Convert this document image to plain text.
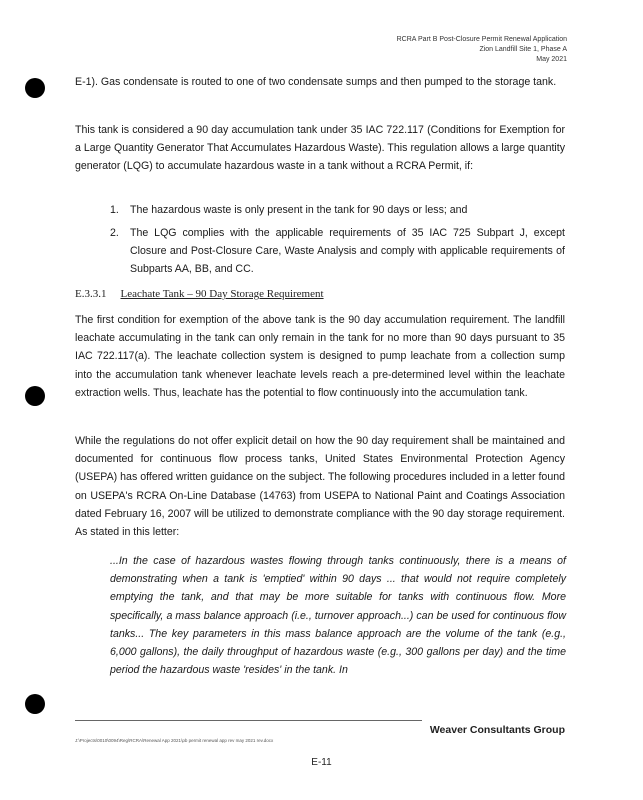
RCRA Part B Post-Closure Permit Renewal Application
Zion Landfill Site 1, Phase A
May 2021

E-1). Gas condensate is routed to one of two condensate sumps and then pumped to the storage tank.

This tank is considered a 90 day accumulation tank under 35 IAC 722.117 (Conditions for Exemption for a Large Quantity Generator That Accumulates Hazardous Waste). This regulation allows a large quantity generator (LQG) to accumulate hazardous waste in a tank without a RCRA Permit, if:

1. The hazardous waste is only present in the tank for 90 days or less; and
2. The LQG complies with the applicable requirements of 35 IAC 725 Subpart J, except Closure and Post-Closure Care, Waste Analysis and comply with applicable requirements of Subparts AA, BB, and CC.
E.3.3.1 Leachate Tank – 90 Day Storage Requirement

The first condition for exemption of the above tank is the 90 day accumulation requirement. The landfill leachate accumulating in the tank can only remain in the tank for no more than 90 days pursuant to 35 IAC 722.117(a). The leachate collection system is designed to pump leachate from a collection sump into the accumulation tank whenever leachate levels reach a pre-determined level within the leachate extraction wells. Thus, leachate has the potential to flow continuously into the accumulation tank.

While the regulations do not offer explicit detail on how the 90 day requirement shall be maintained and documented for continuous flow process tanks, United States Environmental Protection Agency (USEPA) has offered written guidance on the subject. The following procedures included in a letter found on USEPA's RCRA On-Line Database (14763) from USEPA to National Paint and Coatings Association dated February 16, 2007 will be utilized to demonstrate compliance with the 90 day storage requirement. As stated in this letter:

...In the case of hazardous wastes flowing through tanks continuously, there is a means of demonstrating when a tank is 'emptied' within 90 days ... that would not require completely emptying the tank, and that may be more suitable for tanks with continuous flow. More specifically, a mass balance approach (i.e., turnover approach...) can be used for continuous flow tanks... The key parameters in this mass balance approach are the volume of the tank (e.g., 6,000 gallons), the daily throughput of hazardous waste (e.g., 300 gallons per day) and the time period the hazardous waste 'resides' in the tank. In

Weaver Consultants Group
J:\Projects\0010\0094\Reg\RCRA\Renewal App 2021\pb permit renewal app rev may 2021 rev.docx
E-11
